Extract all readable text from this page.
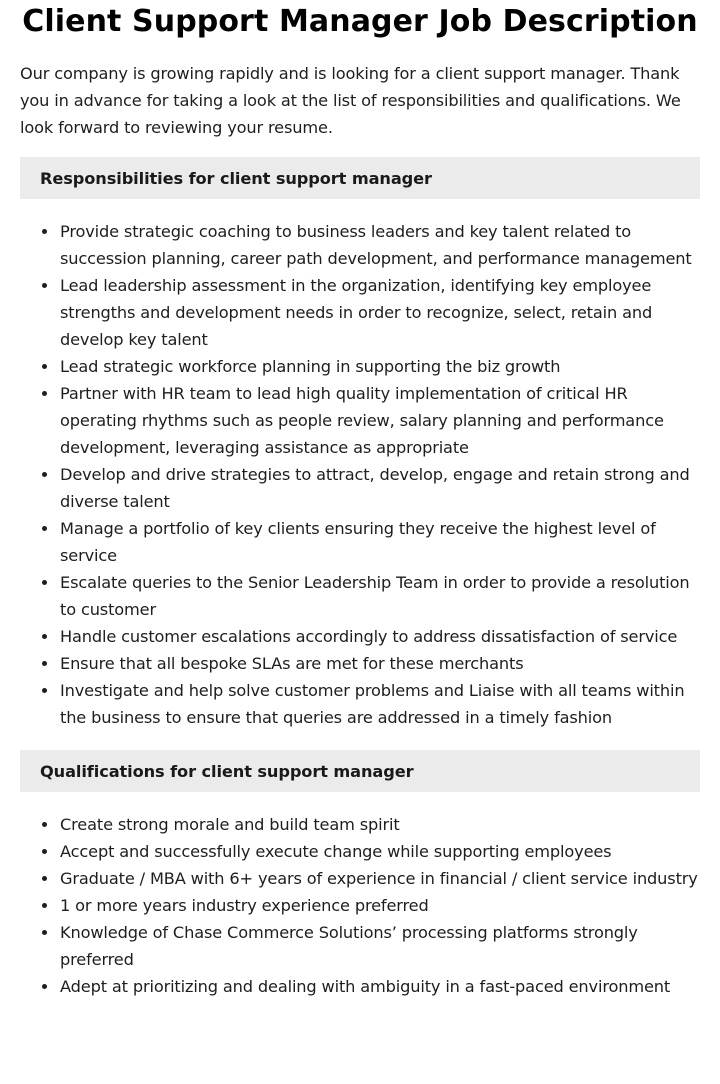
Client Support Manager Job Description

Our company is growing rapidly and is looking for a client support manager. Thank you in advance for taking a look at the list of responsibilities and qualifications. We look forward to reviewing your resume.

Responsibilities for client support manager
Provide strategic coaching to business leaders and key talent related to succession planning, career path development, and performance management
Lead leadership assessment in the organization, identifying key employee strengths and development needs in order to recognize, select, retain and develop key talent
Lead strategic workforce planning in supporting the biz growth
Partner with HR team to lead high quality implementation of critical HR operating rhythms such as people review, salary planning and performance development, leveraging assistance as appropriate
Develop and drive strategies to attract, develop, engage and retain strong and diverse talent
Manage a portfolio of key clients ensuring they receive the highest level of service
Escalate queries to the Senior Leadership Team in order to provide a resolution to customer
Handle customer escalations accordingly to address dissatisfaction of service
Ensure that all bespoke SLAs are met for these merchants
Investigate and help solve customer problems and Liaise with all teams within the business to ensure that queries are addressed in a timely fashion
Qualifications for client support manager
Create strong morale and build team spirit
Accept and successfully execute change while supporting employees
Graduate / MBA with 6+ years of experience in financial / client service industry
1 or more years industry experience preferred
Knowledge of Chase Commerce Solutions’ processing platforms strongly preferred
Adept at prioritizing and dealing with ambiguity in a fast-paced environment
